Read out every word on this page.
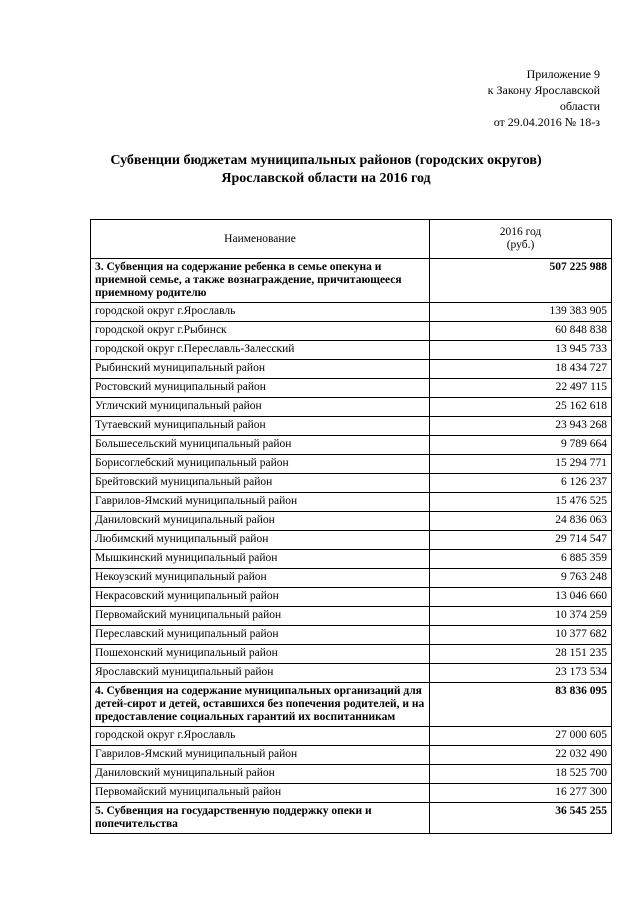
Приложение 9
к Закону Ярославской
области
от 29.04.2016 № 18-з
Субвенции бюджетам муниципальных районов (городских округов)
Ярославской области на 2016 год
Наименование	2016 год
(руб.)

3. Субвенция на содержание ребенка в семье опекуна и приемной семье, а также вознаграждение, причитающееся приемному родителю	507 225 988
городской округ г.Ярославль	139 383 905
городской округ г.Рыбинск	60 848 838
городской округ г.Переславль-Залесский	13 945 733
Рыбинский муниципальный район	18 434 727
Ростовский муниципальный район	22 497 115
Угличский муниципальный район	25 162 618
Тутаевский муниципальный район	23 943 268
Большесельский муниципальный район	9 789 664
Борисоглебский муниципальный район	15 294 771
Брейтовский муниципальный район	6 126 237
Гаврилов-Ямский муниципальный район	15 476 525
Даниловский муниципальный район	24 836 063
Любимский муниципальный район	29 714 547
Мышкинский муниципальный район	6 885 359
Некоузский муниципальный район	9 763 248
Некрасовский муниципальный район	13 046 660
Первомайский муниципальный район	10 374 259
Переславский муниципальный район	10 377 682
Пошехонский муниципальный район	28 151 235
Ярославский муниципальный район	23 173 534
4. Субвенция на содержание муниципальных организаций для детей-сирот и детей, оставшихся без попечения родителей, и на предоставление социальных гарантий их воспитанникам	83 836 095
городской округ г.Ярославль	27 000 605
Гаврилов-Ямский муниципальный район	22 032 490
Даниловский муниципальный район	18 525 700
Первомайский муниципальный район	16 277 300
5. Субвенция на государственную поддержку опеки и попечительства	36 545 255
